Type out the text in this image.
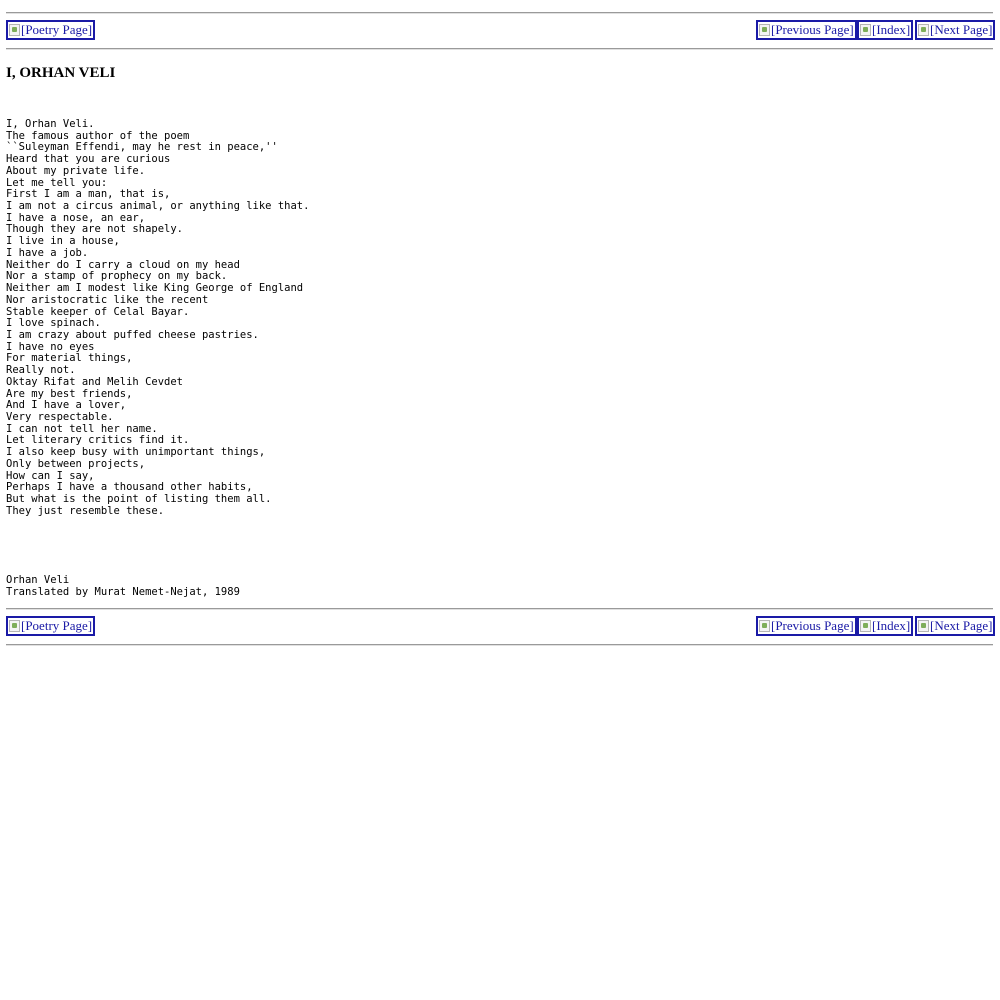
[Poetry Page]	[Previous Page] [Index] [Next Page]
I, ORHAN VELI
I, Orhan Veli.
The famous author of the poem
``Suleyman Effendi, may he rest in peace,''
Heard that you are curious
About my private life.
Let me tell you:
First I am a man, that is,
I am not a circus animal, or anything like that.
I have a nose, an ear,
Though they are not shapely.
I live in a house,
I have a job.
Neither do I carry a cloud on my head
Nor a stamp of prophecy on my back.
Neither am I modest like King George of England
Nor aristocratic like the recent
Stable keeper of Celal Bayar.
I love spinach.
I am crazy about puffed cheese pastries.
I have no eyes
For material things,
Really not.
Oktay Rifat and Melih Cevdet
Are my best friends,
And I have a lover,
Very respectable.
I can not tell her name.
Let literary critics find it.
I also keep busy with unimportant things,
Only between projects,
How can I say,
Perhaps I have a thousand other habits,
But what is the point of listing them all.
They just resemble these.
Orhan Veli
Translated by Murat Nemet-Nejat, 1989
[Poetry Page]	[Previous Page] [Index] [Next Page]
